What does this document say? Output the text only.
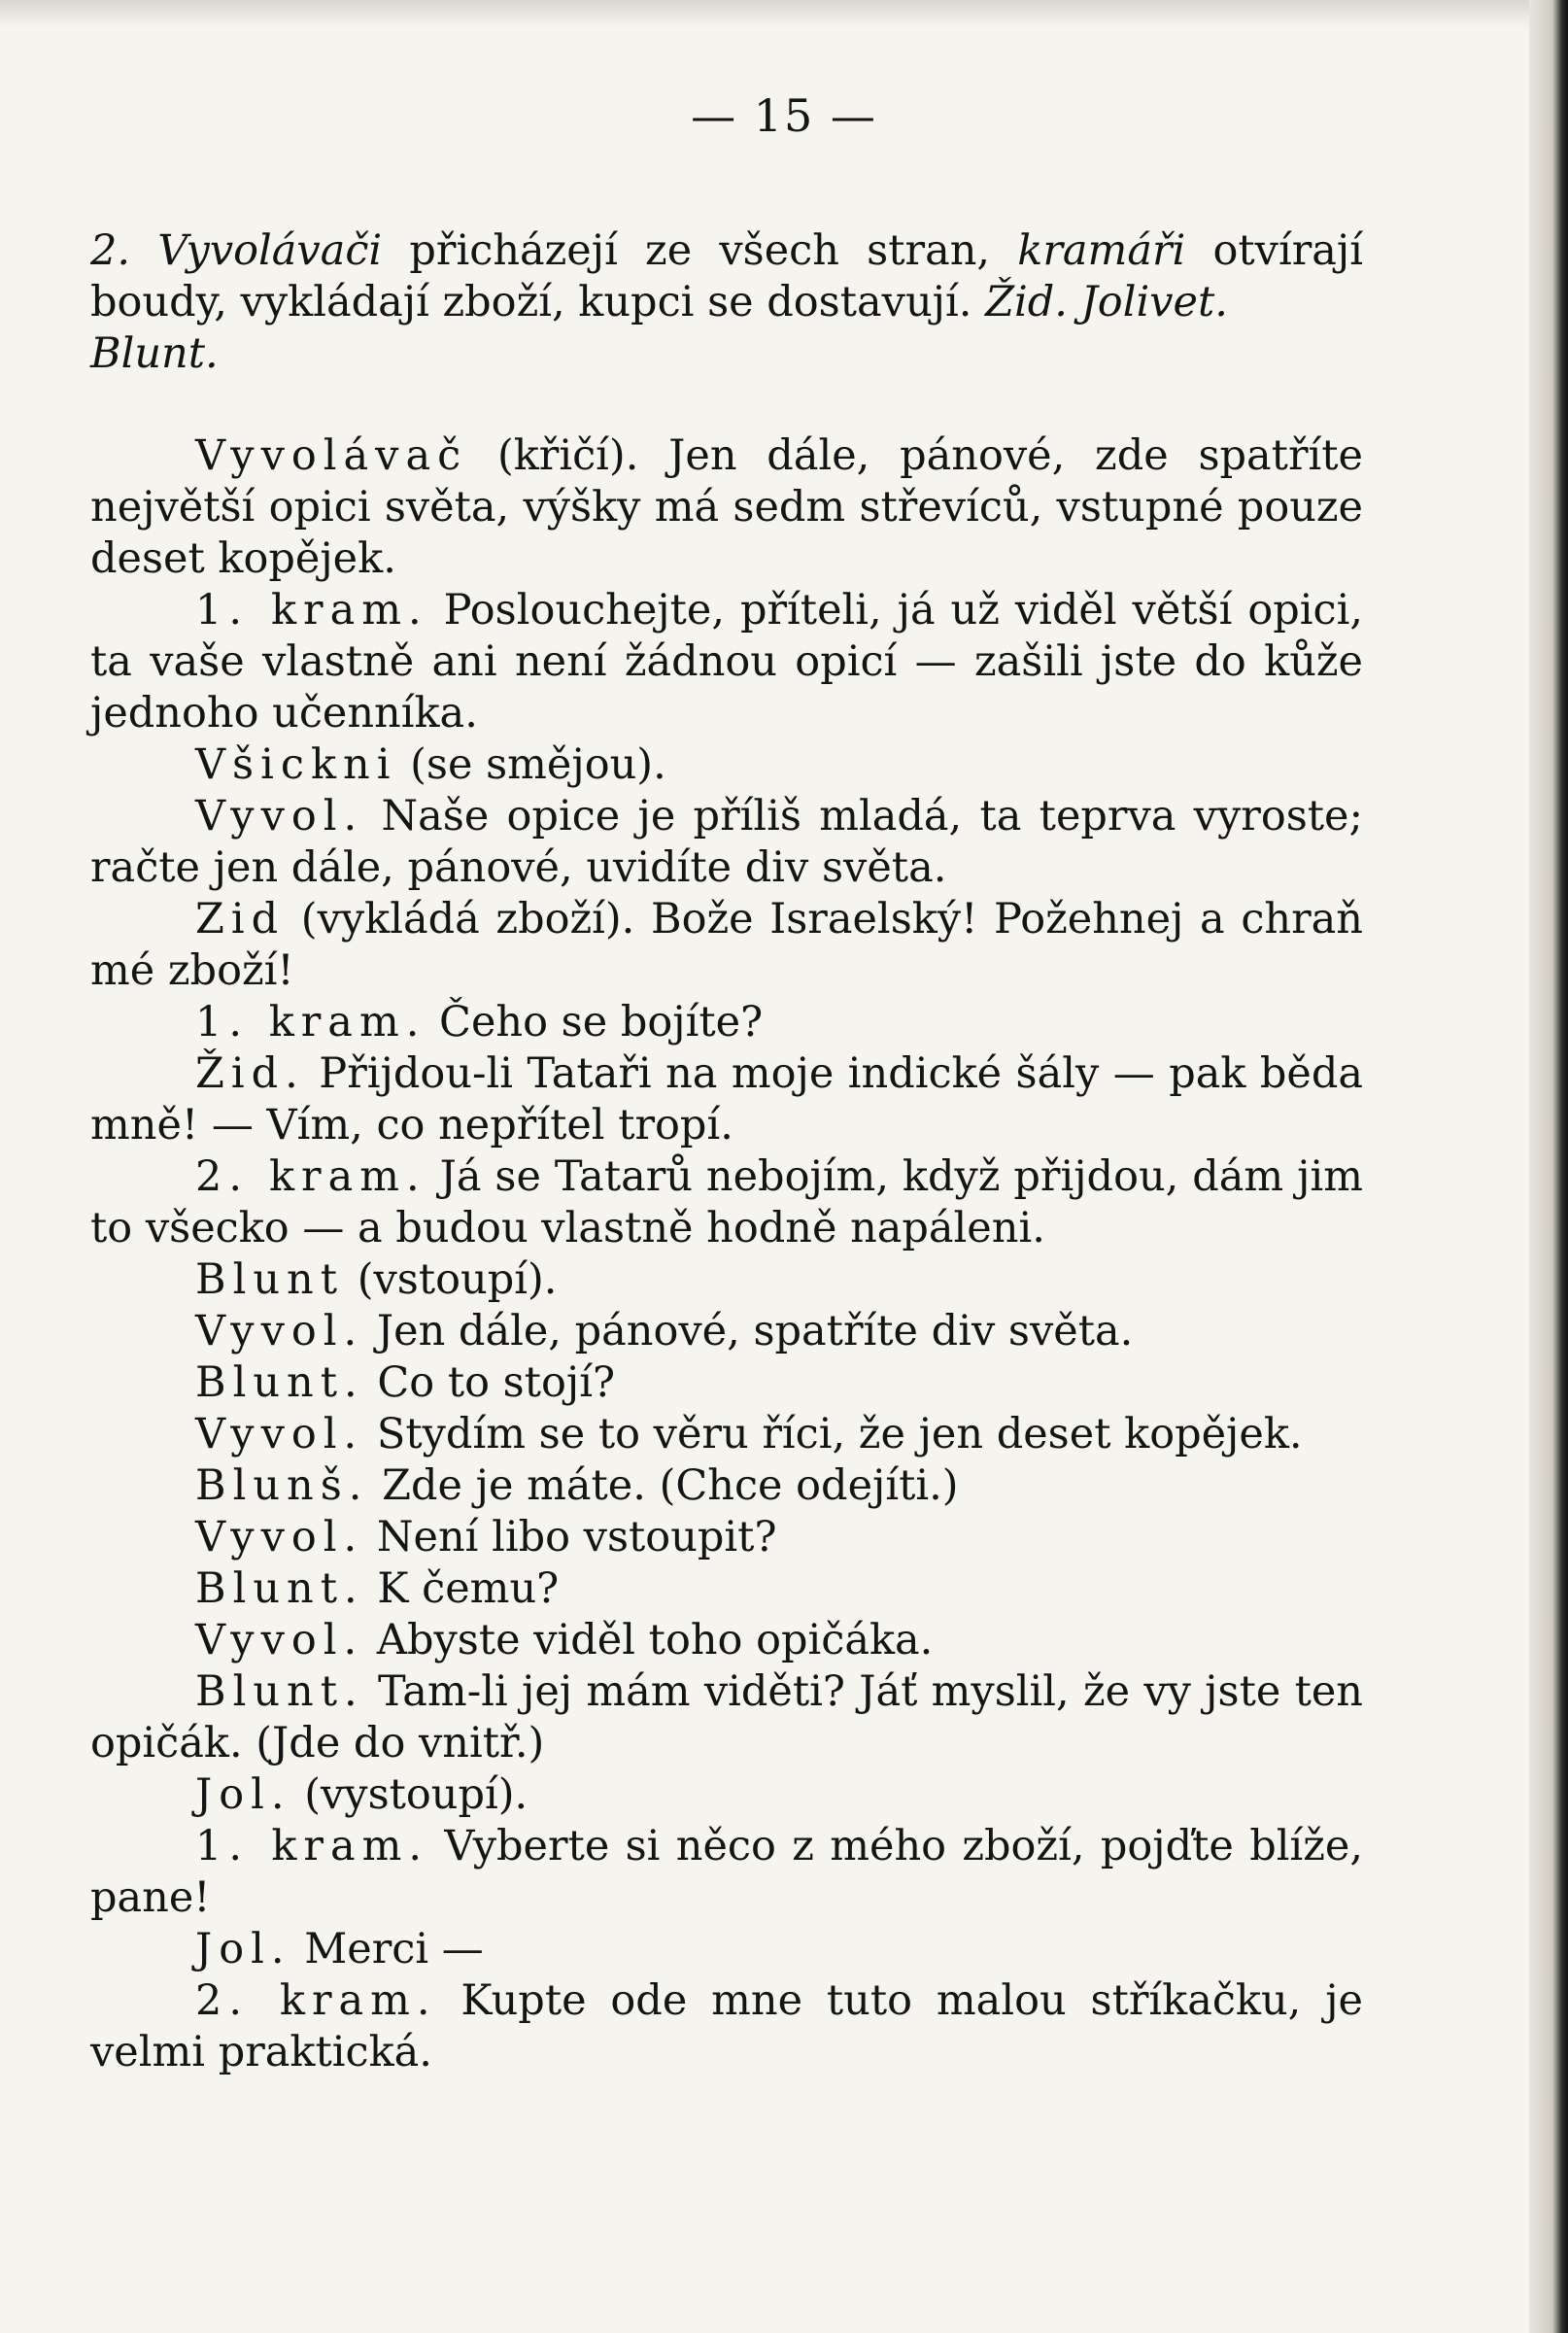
— 15 —

2. Vyvolávači přicházejí ze všech stran, kramáři otvírají boudy, vykládají zboží, kupci se dostavují. Žid. Jolivet.
Blunt.

Vyvolávač (křičí). Jen dále, pánové, zde spatříte největší opici světa, výšky má sedm střevíců, vstupné pouze deset kopějek.

1. kram. Poslouchejte, příteli, já už viděl větší opici, ta vaše vlastně ani není žádnou opicí — zašili jste do kůže jednoho učenníka.

Všickni (se smějou).

Vyvol. Naše opice je příliš mladá, ta teprva vyroste; račte jen dále, pánové, uvidíte div světa.

Zid (vykládá zboží). Bože Israelský! Požehnej a chraň mé zboží!

1. kram. Čeho se bojíte?

Žid. Přijdou-li Tataři na moje indické šály — pak běda mně! — Vím, co nepřítel tropí.

2. kram. Já se Tatarů nebojím, když přijdou, dám jim to všecko — a budou vlastně hodně napáleni.

Blunt (vstoupí).

Vyvol. Jen dále, pánové, spatříte div světa.

Blunt. Co to stojí?

Vyvol. Stydím se to věru říci, že jen deset kopějek.

Blunš. Zde je máte. (Chce odejíti.)

Vyvol. Není libo vstoupit?

Blunt. K čemu?

Vyvol. Abyste viděl toho opičáka.

Blunt. Tam-li jej mám viděti? Jáť myslil, že vy jste ten opičák. (Jde do vnitř.)

Jol. (vystoupí).

1. kram. Vyberte si něco z mého zboží, pojďte blíže, pane!

Jol. Merci —

2. kram. Kupte ode mne tuto malou stříkačku, je velmi praktická.
